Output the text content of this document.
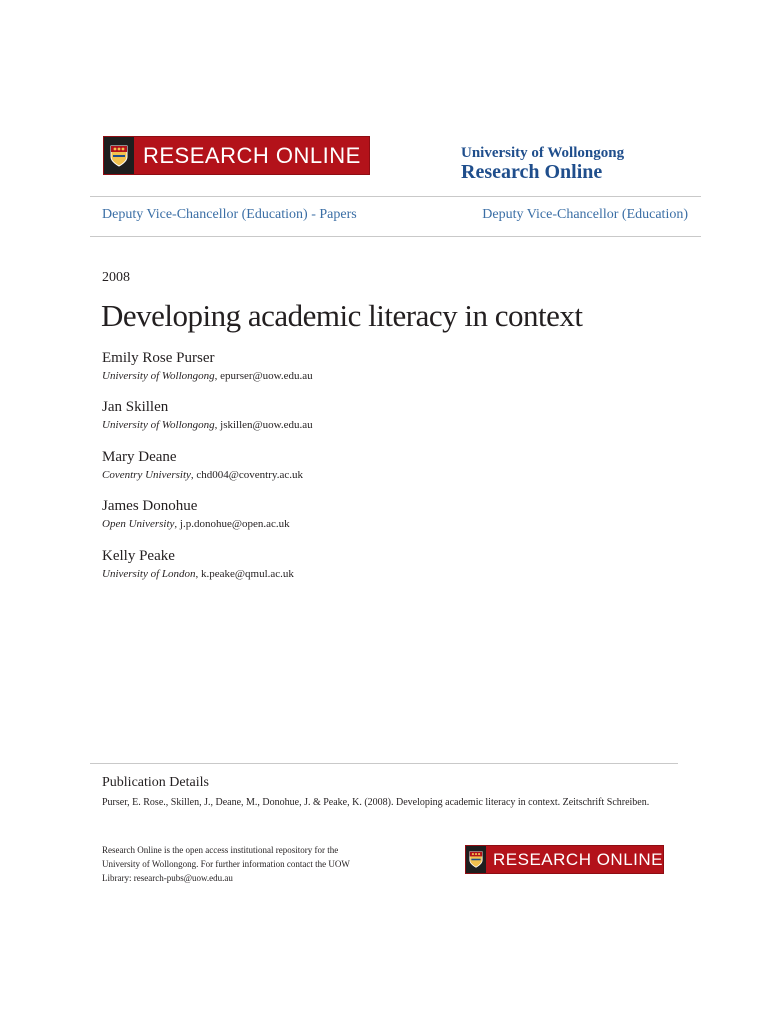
RESEARCH ONLINE	University of Wollongong
Research Online
Deputy Vice-Chancellor (Education) - Papers	Deputy Vice-Chancellor (Education)
2008
Developing academic literacy in context
Emily Rose Purser
University of Wollongong, epurser@uow.edu.au
Jan Skillen
University of Wollongong, jskillen@uow.edu.au
Mary Deane
Coventry University, chd004@coventry.ac.uk
James Donohue
Open University, j.p.donohue@open.ac.uk
Kelly Peake
University of London, k.peake@qmul.ac.uk
Publication Details
Purser, E. Rose., Skillen, J., Deane, M., Donohue, J. & Peake, K. (2008). Developing academic literacy in context. Zeitschrift Schreiben.
Research Online is the open access institutional repository for the
University of Wollongong. For further information contact the UOW
Library: research-pubs@uow.edu.au
RESEARCH ONLINE
